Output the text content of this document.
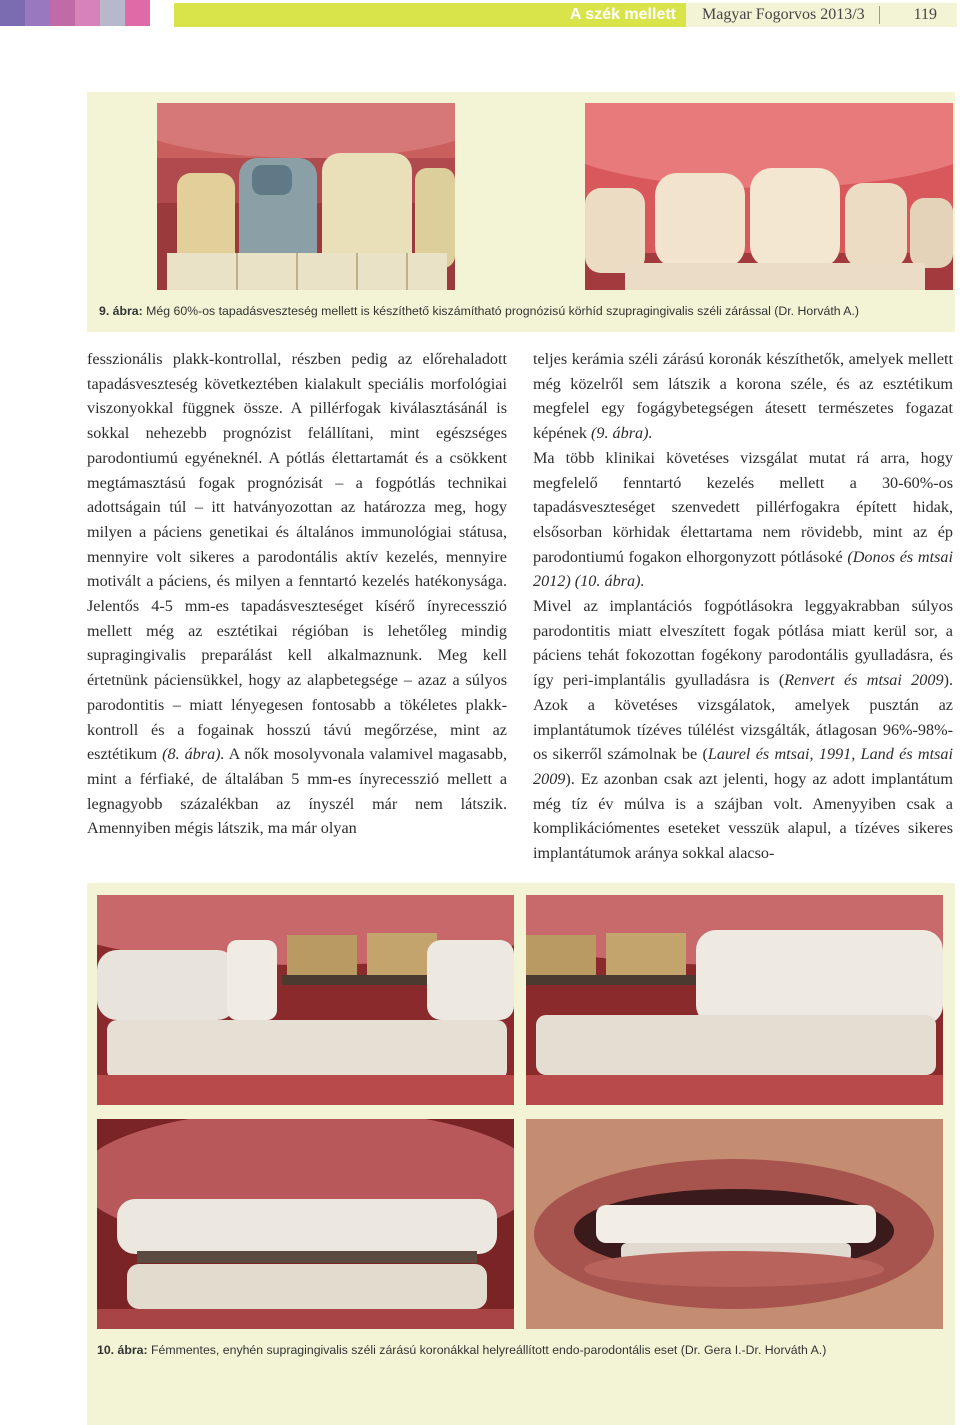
A szék mellett	Magyar Fogorvos 2013/3	119
9. ábra: Még 60%-os tapadásveszteség mellett is készíthető kiszámítható prognózisú körhíd szupragingivalis széli zárással (Dr. Horváth A.)

fesszionális plakk-kontrollal, részben pedig az előrehaladott tapadásveszteség következtében kialakult speciális morfológiai viszonyokkal függnek össze. A pillérfogak kiválasztásánál is sokkal nehezebb prognózist felállítani, mint egészséges parodontiumú egyéneknél. A pótlás élettartamát és a csökkent megtámasztású fogak prognózisát – a fogpótlás technikai adottságain túl – itt hatványozottan az határozza meg, hogy milyen a páciens genetikai és általános immunológiai státusa, mennyire volt sikeres a parodontális aktív kezelés, mennyire motivált a páciens, és milyen a fenntartó kezelés hatékonysága. Jelentős 4-5 mm-es tapadásveszteséget kísérő ínyrecesszió mellett még az esztétikai régióban is lehetőleg mindig supragingivalis preparálást kell alkalmaznunk. Meg kell értetnünk páciensükkel, hogy az alapbetegsége – azaz a súlyos parodontitis – miatt lényegesen fontosabb a tökéletes plakk-kontroll és a fogainak hosszú távú megőrzése, mint az esztétikum (8. ábra). A nők mosolyvonala valamivel magasabb, mint a férfiaké, de általában 5 mm-es ínyrecesszió mellett a legnagyobb százalékban az ínyszél már nem látszik. Amennyiben mégis látszik, ma már olyan

teljes kerámia széli zárású koronák készíthetők, amelyek mellett még közelről sem látszik a korona széle, és az esztétikum megfelel egy fogágybetegségen átesett természetes fogazat képének (9. ábra).

Ma több klinikai követéses vizsgálat mutat rá arra, hogy megfelelő fenntartó kezelés mellett a 30-60%-os tapadásveszteséget szenvedett pillérfogakra épített hidak, elsősorban körhidak élettartama nem rövidebb, mint az ép parodontiumú fogakon elhorgonyzott pótlásoké (Donos és mtsai 2012) (10. ábra).

Mivel az implantációs fogpótlásokra leggyakrabban súlyos parodontitis miatt elveszített fogak pótlása miatt kerül sor, a páciens tehát fokozottan fogékony parodontális gyulladásra, és így peri-implantális gyulladásra is (Renvert és mtsai 2009). Azok a követéses vizsgálatok, amelyek pusztán az implantátumok tízéves túlélést vizsgálták, átlagosan 96%-98%-os sikerről számolnak be (Laurel és mtsai, 1991, Land és mtsai 2009). Ez azonban csak azt jelenti, hogy az adott implantátum még tíz év múlva is a szájban volt. Amenyyiben csak a komplikációmentes eseteket vesszük alapul, a tízéves sikeres implantátumok aránya sokkal alacso-

10. ábra: Fémmentes, enyhén supragingivalis széli zárású koronákkal helyreállított endo-parodontális eset (Dr. Gera I.-Dr. Horváth A.)
